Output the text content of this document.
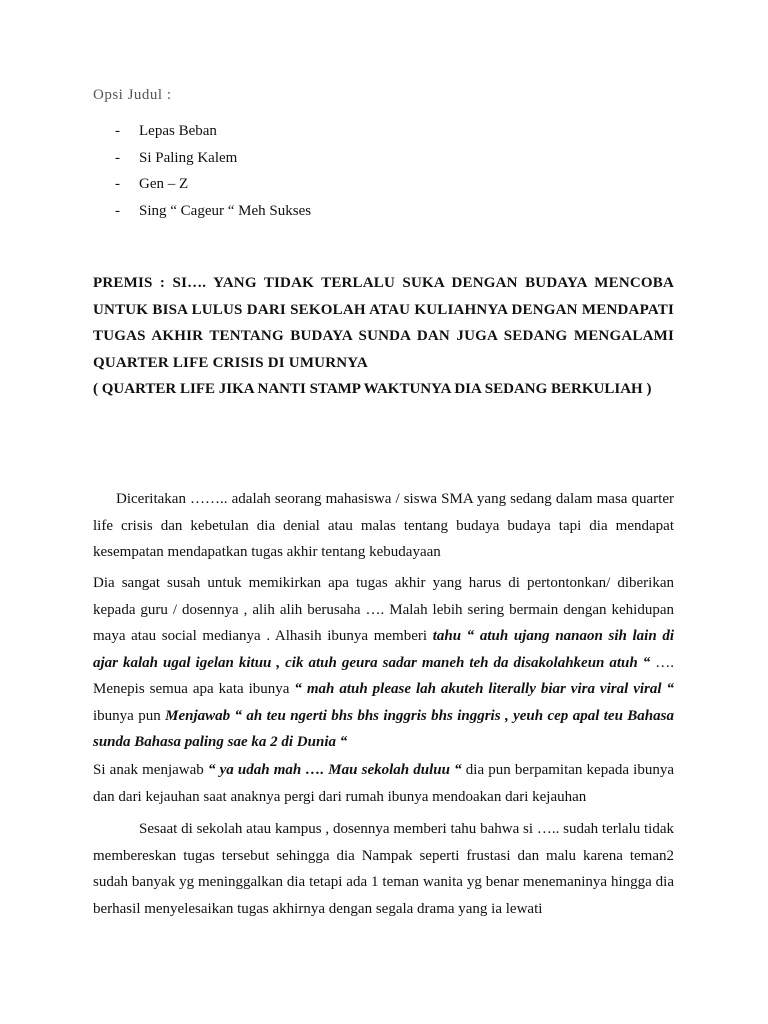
Opsi Judul :
- Lepas Beban
- Si Paling Kalem
- Gen – Z
- Sing “ Cageur “ Meh Sukses

PREMIS : SI…. YANG TIDAK TERLALU SUKA DENGAN BUDAYA MENCOBA UNTUK BISA LULUS DARI SEKOLAH ATAU KULIAHNYA DENGAN MENDAPATI TUGAS AKHIR TENTANG BUDAYA SUNDA DAN JUGA SEDANG MENGALAMI QUARTER LIFE CRISIS DI UMURNYA

( QUARTER LIFE JIKA NANTI STAMP WAKTUNYA DIA SEDANG BERKULIAH )

Diceritakan …….. adalah seorang mahasiswa / siswa SMA yang sedang dalam masa quarter life crisis dan kebetulan dia denial atau malas tentang budaya budaya tapi dia mendapat kesempatan mendapatkan tugas akhir tentang kebudayaan

Dia sangat susah untuk memikirkan apa tugas akhir yang harus di pertontonkan/ diberikan kepada guru / dosennya , alih alih berusaha …. Malah lebih sering bermain dengan kehidupan maya atau social medianya . Alhasih ibunya memberi tahu “ atuh ujang nanaon sih lain di ajar kalah ugal igelan kituu , cik atuh geura sadar maneh teh da disakolahkeun atuh “ …. Menepis semua apa kata ibunya “ mah atuh please lah akuteh literally biar vira viral viral “ ibunya pun Menjawab “ ah teu ngerti bhs bhs inggris bhs inggris , yeuh cep apal teu Bahasa sunda Bahasa paling sae ka 2 di Dunia “

Si anak menjawab “ ya udah mah …. Mau sekolah duluu “ dia pun berpamitan kepada ibunya dan dari kejauhan saat anaknya pergi dari rumah ibunya mendoakan dari kejauhan

Sesaat di sekolah atau kampus , dosennya memberi tahu bahwa si ….. sudah terlalu tidak membereskan tugas tersebut sehingga dia Nampak seperti frustasi dan malu karena teman2 sudah banyak yg meninggalkan dia tetapi ada 1 teman wanita yg benar menemaninya hingga dia berhasil menyelesaikan tugas akhirnya dengan segala drama yang ia lewati
